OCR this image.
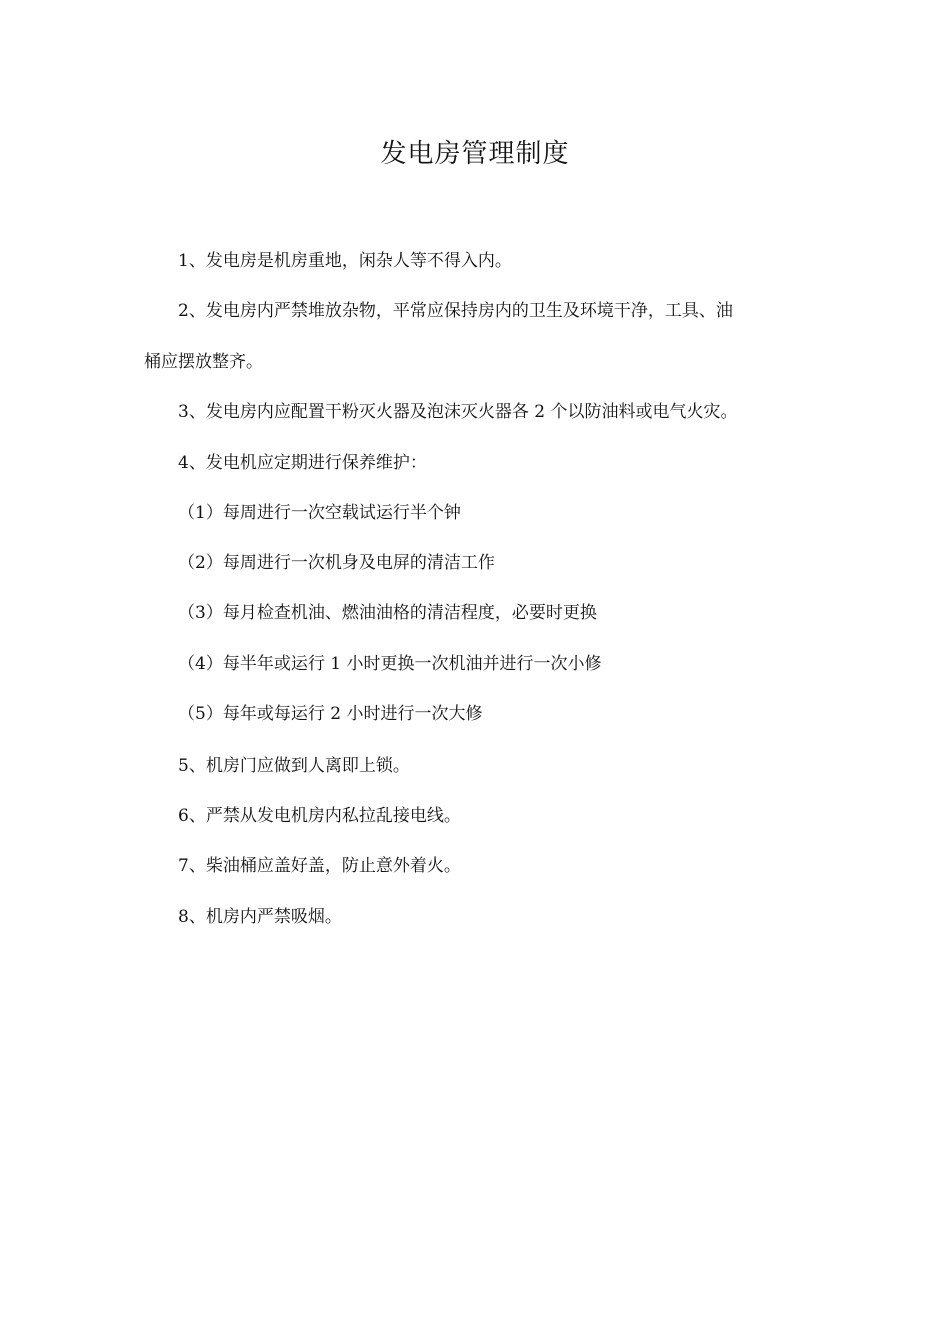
发电房管理制度

1、发电房是机房重地，闲杂人等不得入内。

2、发电房内严禁堆放杂物，平常应保持房内的卫生及环境干净，工具、油

桶应摆放整齐。

3、发电房内应配置干粉灭火器及泡沫灭火器各 2 个以防油料或电气火灾。

4、发电机应定期进行保养维护：

（1）每周进行一次空载试运行半个钟

（2）每周进行一次机身及电屏的清洁工作

（3）每月检查机油、燃油油格的清洁程度，必要时更换

（4）每半年或运行 1 小时更换一次机油并进行一次小修

（5）每年或每运行 2 小时进行一次大修

5、机房门应做到人离即上锁。

6、严禁从发电机房内私拉乱接电线。

7、柴油桶应盖好盖，防止意外着火。

8、机房内严禁吸烟。
